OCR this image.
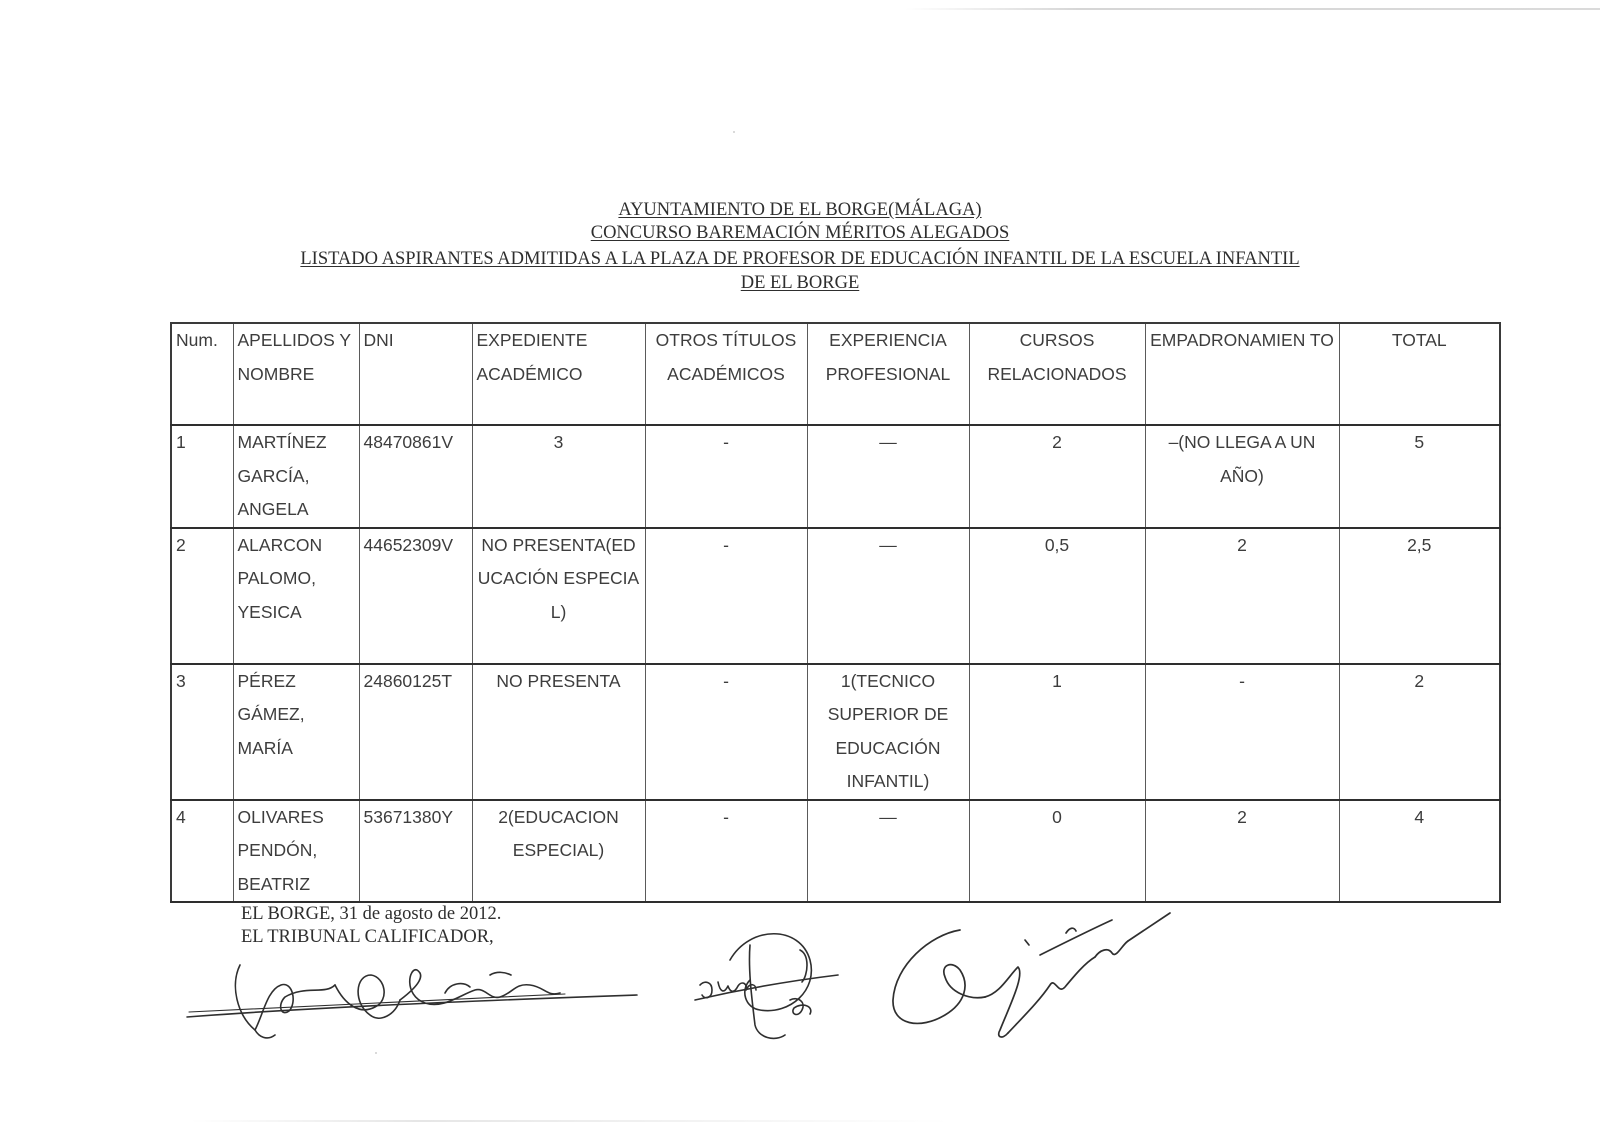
AYUNTAMIENTO DE EL BORGE(MÁLAGA)
CONCURSO BAREMACIÓN MÉRITOS ALEGADOS
LISTADO ASPIRANTES ADMITIDAS A LA PLAZA DE PROFESOR DE EDUCACIÓN INFANTIL DE LA ESCUELA INFANTIL
DE EL BORGE
Num.	APELLIDOS Y NOMBRE	DNI	EXPEDIENTE ACADÉMICO	OTROS TÍTULOS ACADÉMICOS	EXPERIENCIA PROFESIONAL	CURSOS RELACIONADOS	EMPADRONAMIEN TO	TOTAL
1	MARTÍNEZ GARCÍA, ANGELA	48470861V	3	-	—	2	–(NO LLEGA A UN AÑO)	5
2	ALARCON PALOMO, YESICA	44652309V	NO PRESENTA(EDUCACIÓN ESPECIAL)	-	—	0,5	2	2,5
3	PÉREZ GÁMEZ, MARÍA	24860125T	NO PRESENTA	-	1(TECNICO SUPERIOR DE EDUCACIÓN INFANTIL)	1	-	2
4	OLIVARES PENDÓN, BEATRIZ	53671380Y	2(EDUCACION ESPECIAL)	-	—	0	2	4
EL BORGE, 31 de agosto de 2012.
EL TRIBUNAL CALIFICADOR,
